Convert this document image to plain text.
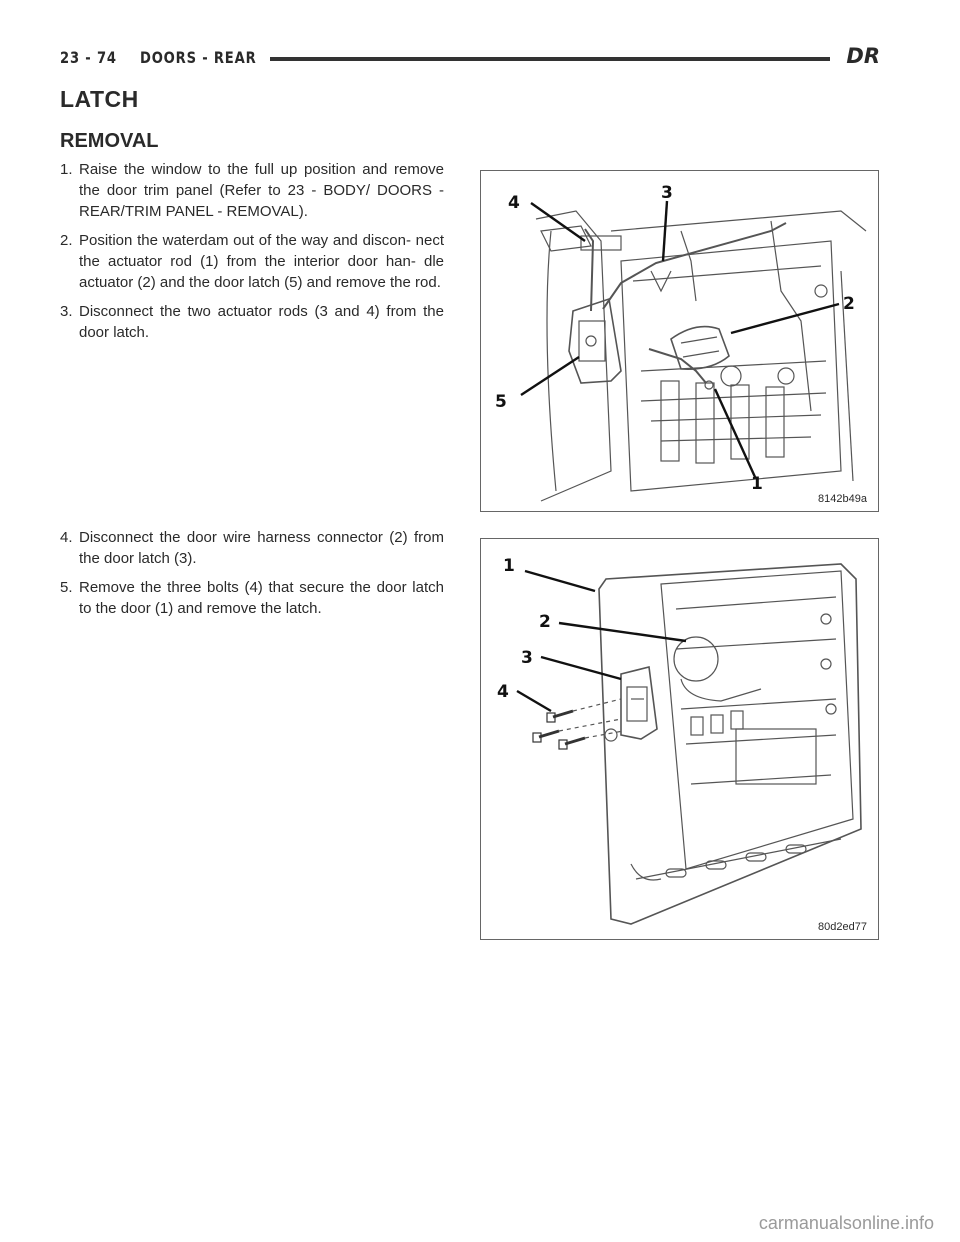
23 - 74 DOORS - REAR	DR
LATCH
REMOVAL

1. Raise the window to the full up position and remove the door trim panel (Refer to 23 - BODY/ DOORS - REAR/TRIM PANEL - REMOVAL).

2. Position the waterdam out of the way and discon- nect the actuator rod (1) from the interior door han- dle actuator (2) and the door latch (5) and remove the rod.

3. Disconnect the two actuator rods (3 and 4) from the door latch.

4. Disconnect the door wire harness connector (2) from the door latch (3).

5. Remove the three bolts (4) that secure the door latch to the door (1) and remove the latch.

4	3
2
5
1
8142b49a
1
2
3
4
80d2ed77
carmanualsonline.info
